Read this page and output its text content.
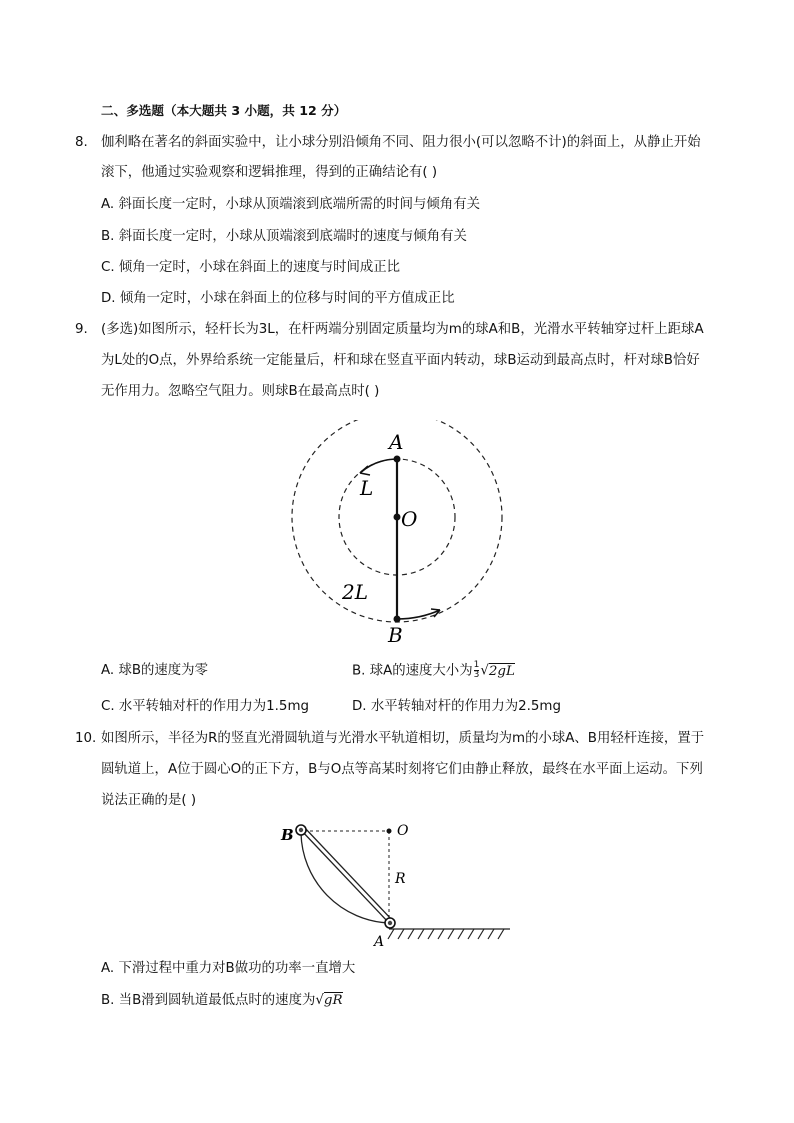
二、多选题（本大题共 3 小题，共 12 分）
8. 伽利略在著名的斜面实验中，让小球分别沿倾角不同、阻力很小(可以忽略不计)的斜面上，从静止开始
滚下，他通过实验观察和逻辑推理，得到的正确结论有( )
A. 斜面长度一定时，小球从顶端滚到底端所需的时间与倾角有关
B. 斜面长度一定时，小球从顶端滚到底端时的速度与倾角有关
C. 倾角一定时，小球在斜面上的速度与时间成正比
D. 倾角一定时，小球在斜面上的位移与时间的平方值成正比
9. (多选)如图所示，轻杆长为3L，在杆两端分别固定质量均为m的球A和B，光滑水平转轴穿过杆上距球A
为L处的O点，外界给系统一定能量后，杆和球在竖直平面内转动，球B运动到最高点时，杆对球B恰好
无作用力。忽略空气阻力。则球B在最高点时( )
A
O
L
2L
B
A. 球B的速度为零	B. 球A的速度大小为 $\frac{1}{3} √2gL$
C. 水平转轴对杆的作用力为1.5mg	D. 水平转轴对杆的作用力为2.5mg
10. 如图所示，半径为R的竖直光滑圆轨道与光滑水平轨道相切，质量均为m的小球A、B用轻杆连接，置于
圆轨道上，A位于圆心O的正下方，B与O点等高某时刻将它们由静止释放，最终在水平面上运动。下列
说法正确的是( )
B	O
R
A
A. 下滑过程中重力对B做功的功率一直增大
B. 当B滑到圆轨道最低点时的速度为√gR
